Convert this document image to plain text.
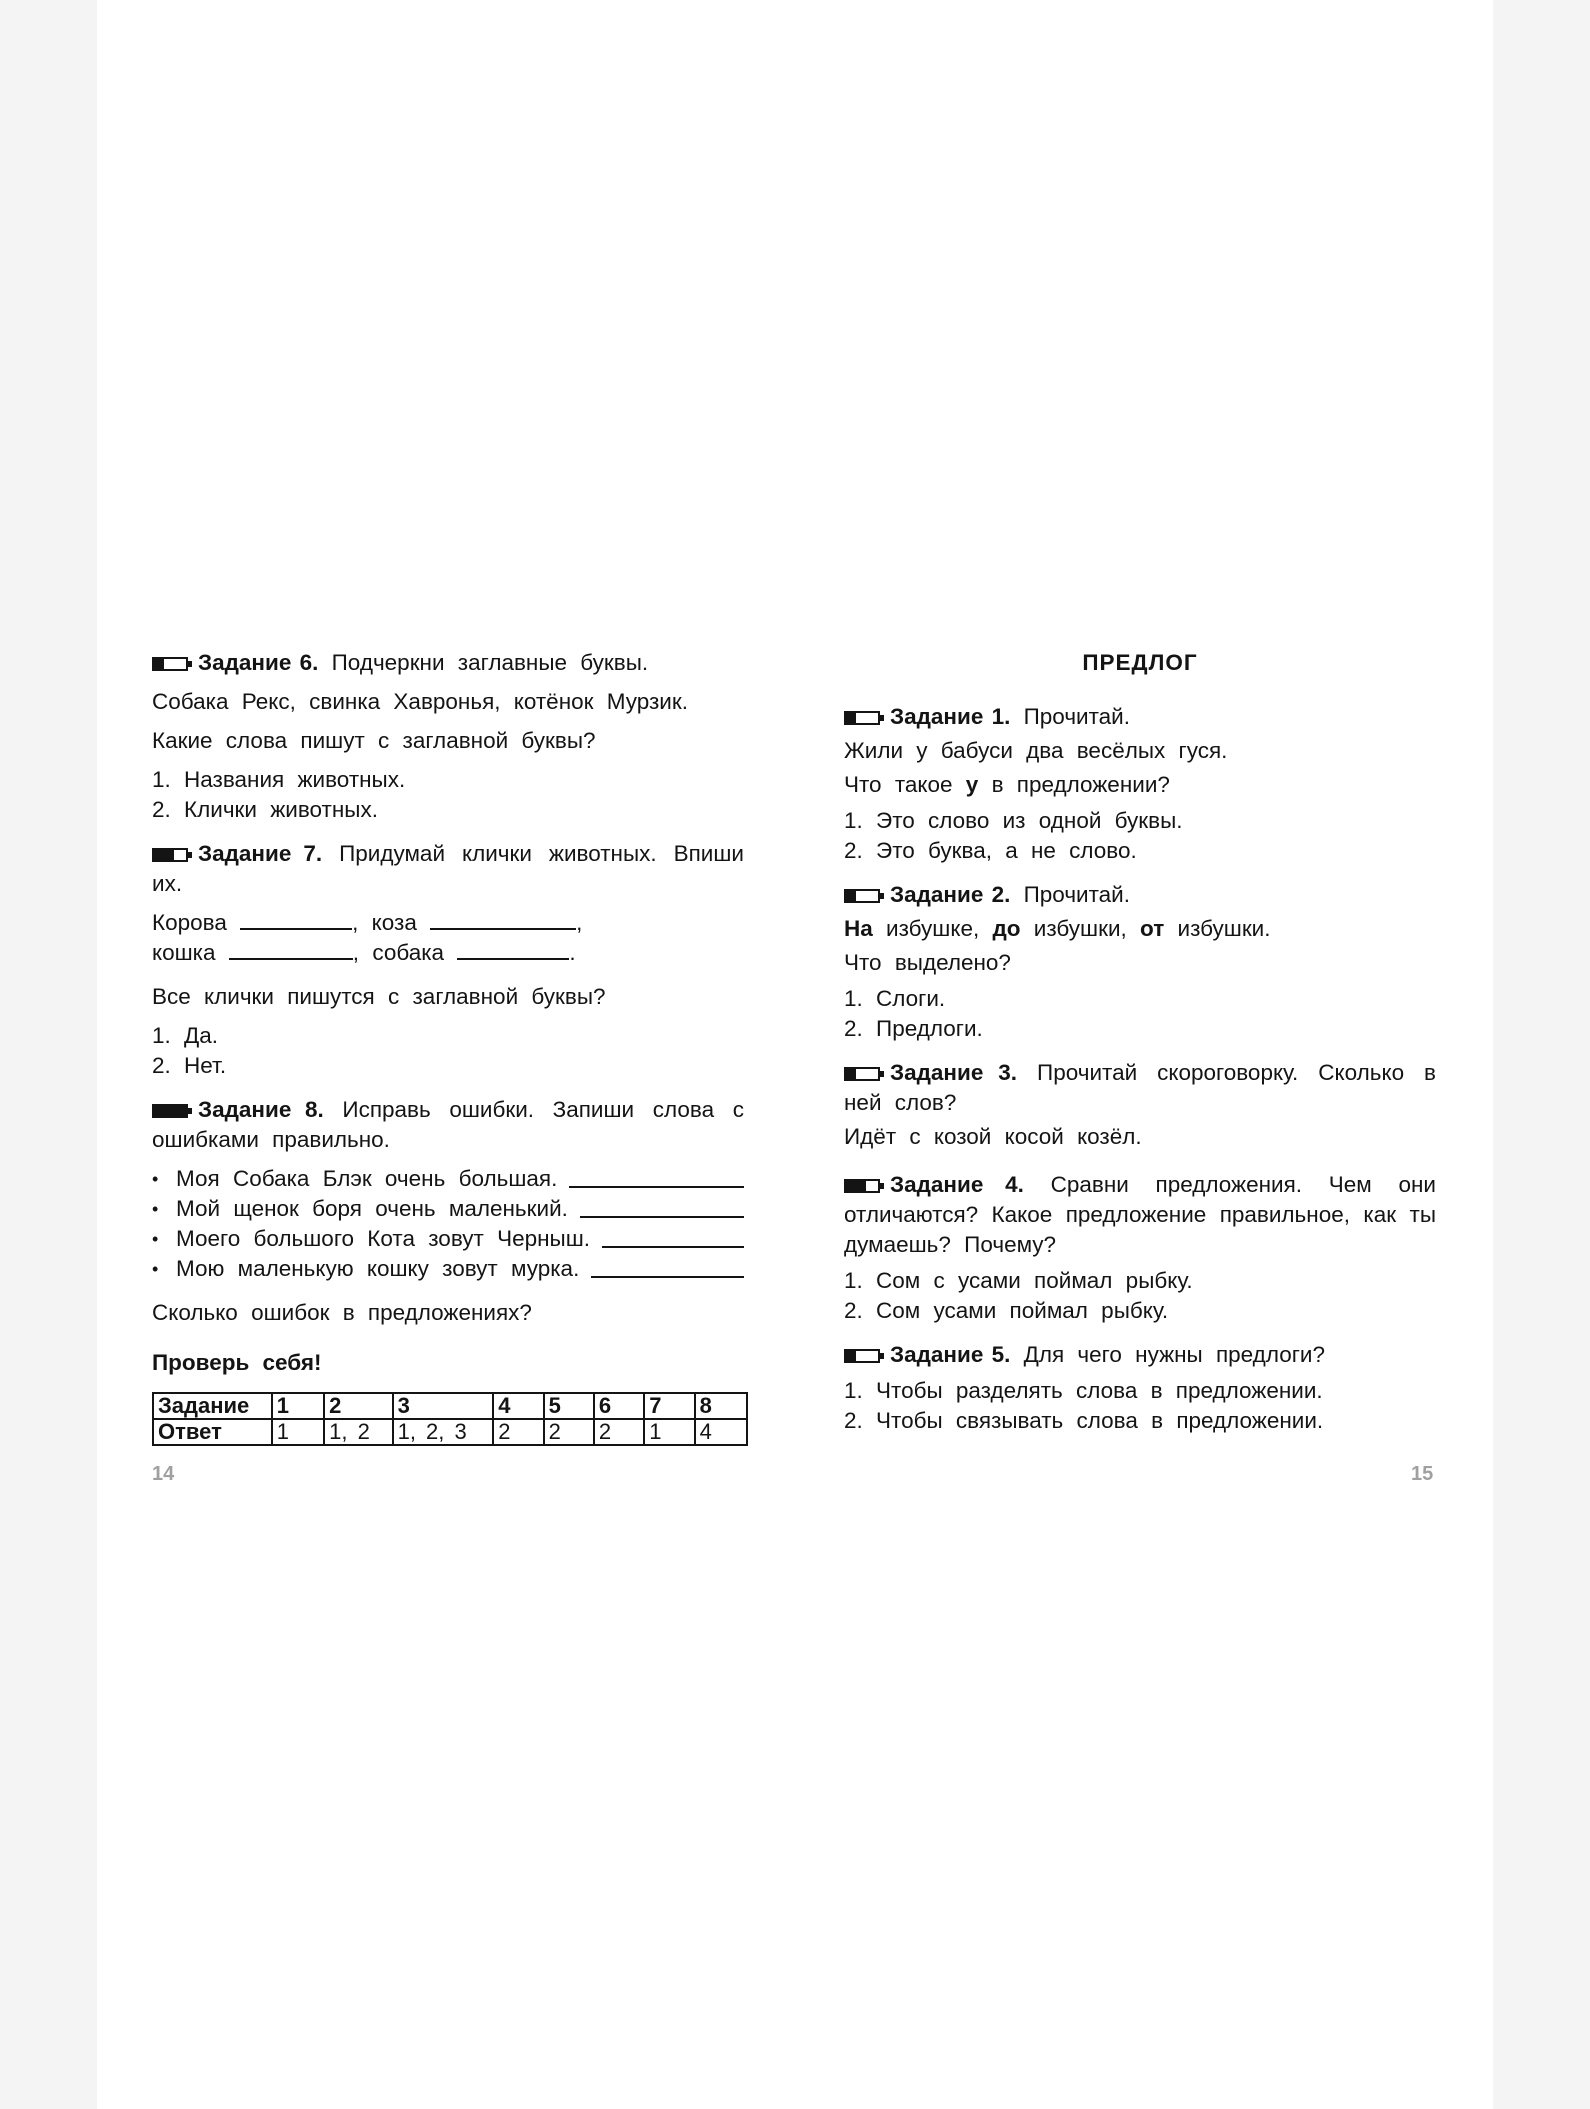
Задание 6. Подчеркни заглавные буквы.
Собака Рекс, свинка Хавронья, котёнок Мурзик.
Какие слова пишут с заглавной буквы?
1. Названия животных.
2. Клички животных.
Задание 7. Придумай клички животных. Впиши их.
Корова	, коза	,
кошка	, собака	.
Все клички пишутся с заглавной буквы?
1. Да.
2. Нет.
Задание 8. Исправь ошибки. Запиши слова с ошибками правильно.
• Моя Собака Блэк очень большая.
• Мой щенок боря очень маленький.
• Моего большого Кота зовут Черныш.
• Мою маленькую кошку зовут мурка.
Сколько ошибок в предложениях?
Проверь себя!
Задание	1	2	3	4	5	6	7	8
Ответ	1	1, 2	1, 2, 3	2	2	2	1	4
14
ПРЕДЛОГ
Задание 1. Прочитай.
Жили у бабуси два весёлых гуся.
Что такое у в предложении?
1. Это слово из одной буквы.
2. Это буква, а не слово.
Задание 2. Прочитай.
На избушке, до избушки, от избушки.
Что выделено?
1. Слоги.
2. Предлоги.
Задание 3. Прочитай скороговорку. Сколько в ней слов?
Идёт с козой косой козёл.
Задание 4. Сравни предложения. Чем они отличаются? Какое предложение правильное, как ты думаешь? Почему?
1. Сом с усами поймал рыбку.
2. Сом усами поймал рыбку.
Задание 5. Для чего нужны предлоги?
1. Чтобы разделять слова в предложении.
2. Чтобы связывать слова в предложении.
15
